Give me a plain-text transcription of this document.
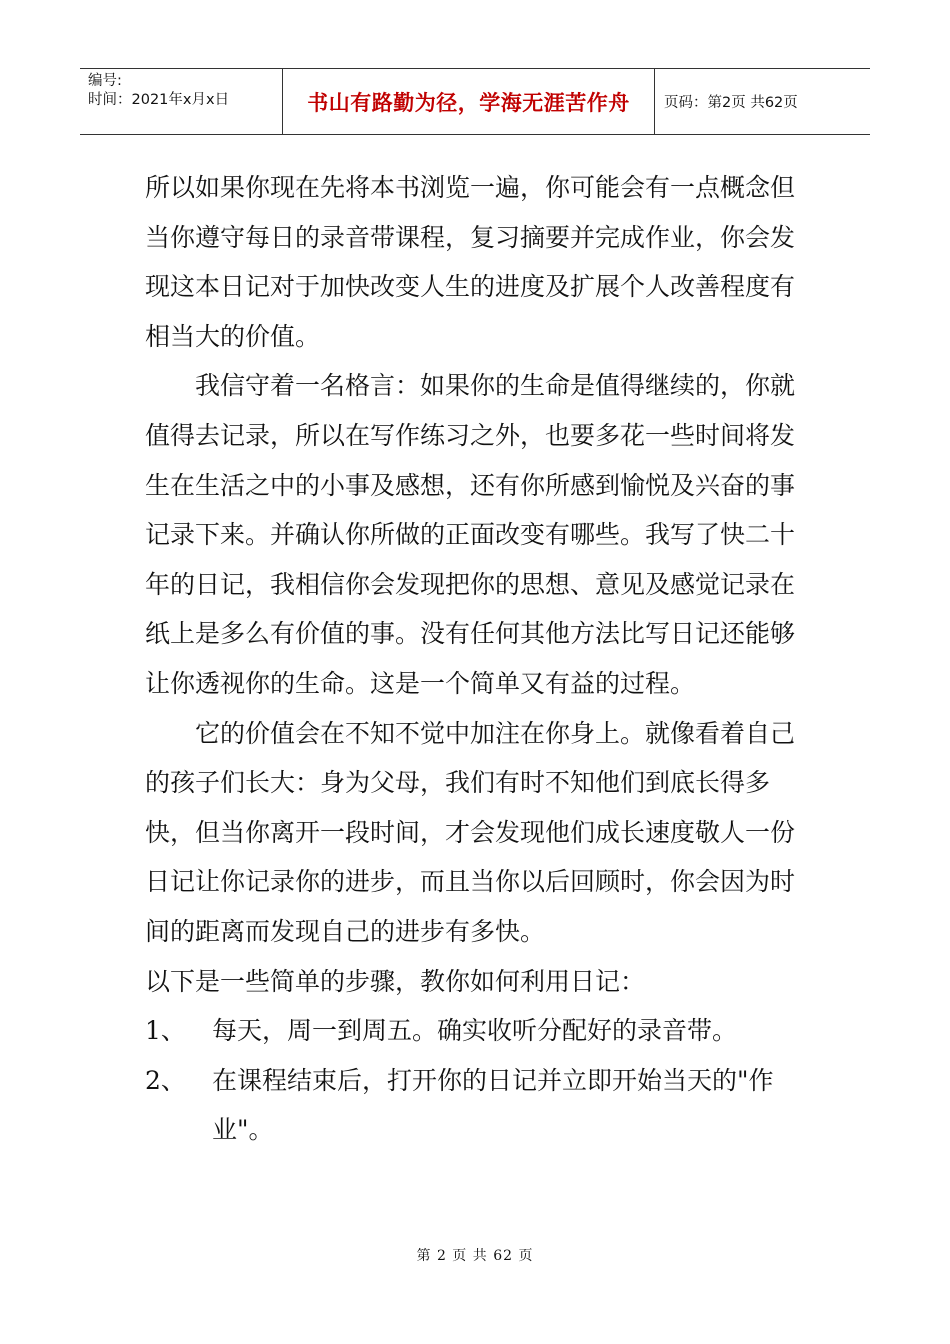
编号:
时间：2021年x月x日	书山有路勤为径，学海无涯苦作舟	页码：第2页 共62页

所以如果你现在先将本书浏览一遍，你可能会有一点概念但当你遵守每日的录音带课程，复习摘要并完成作业，你会发现这本日记对于加快改变人生的进度及扩展个人改善程度有相当大的价值。

我信守着一名格言：如果你的生命是值得继续的，你就值得去记录，所以在写作练习之外，也要多花一些时间将发生在生活之中的小事及感想，还有你所感到愉悦及兴奋的事记录下来。并确认你所做的正面改变有哪些。我写了快二十年的日记，我相信你会发现把你的思想、意见及感觉记录在纸上是多么有价值的事。没有任何其他方法比写日记还能够让你透视你的生命。这是一个简单又有益的过程。

它的价值会在不知不觉中加注在你身上。就像看着自己的孩子们长大：身为父母，我们有时不知他们到底长得多快，但当你离开一段时间，才会发现他们成长速度敬人一份日记让你记录你的进步，而且当你以后回顾时，你会因为时间的距离而发现自己的进步有多快。

以下是一些简单的步骤，教你如何利用日记：

1、	每天，周一到周五。确实收听分配好的录音带。
2、	在课程结束后，打开你的日记并立即开始当天的"作业"。
第 2 页 共 62 页
